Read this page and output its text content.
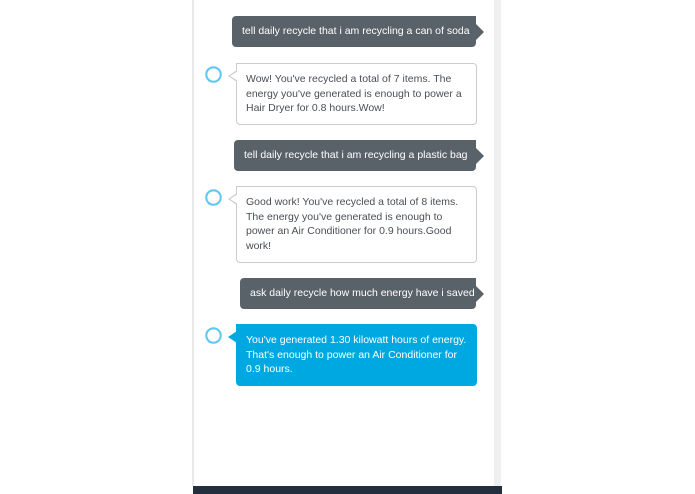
tell daily recycle that i am recycling a can of soda
Wow! You've recycled a total of 7 items. The energy you've generated is enough to power a Hair Dryer for 0.8 hours.Wow!
tell daily recycle that i am recycling a plastic bag
Good work! You've recycled a total of 8 items. The energy you've generated is enough to power an Air Conditioner for 0.9 hours.Good work!
ask daily recycle how much energy have i saved
You've generated 1.30 kilowatt hours of energy. That's enough to power an Air Conditioner for 0.9 hours.
